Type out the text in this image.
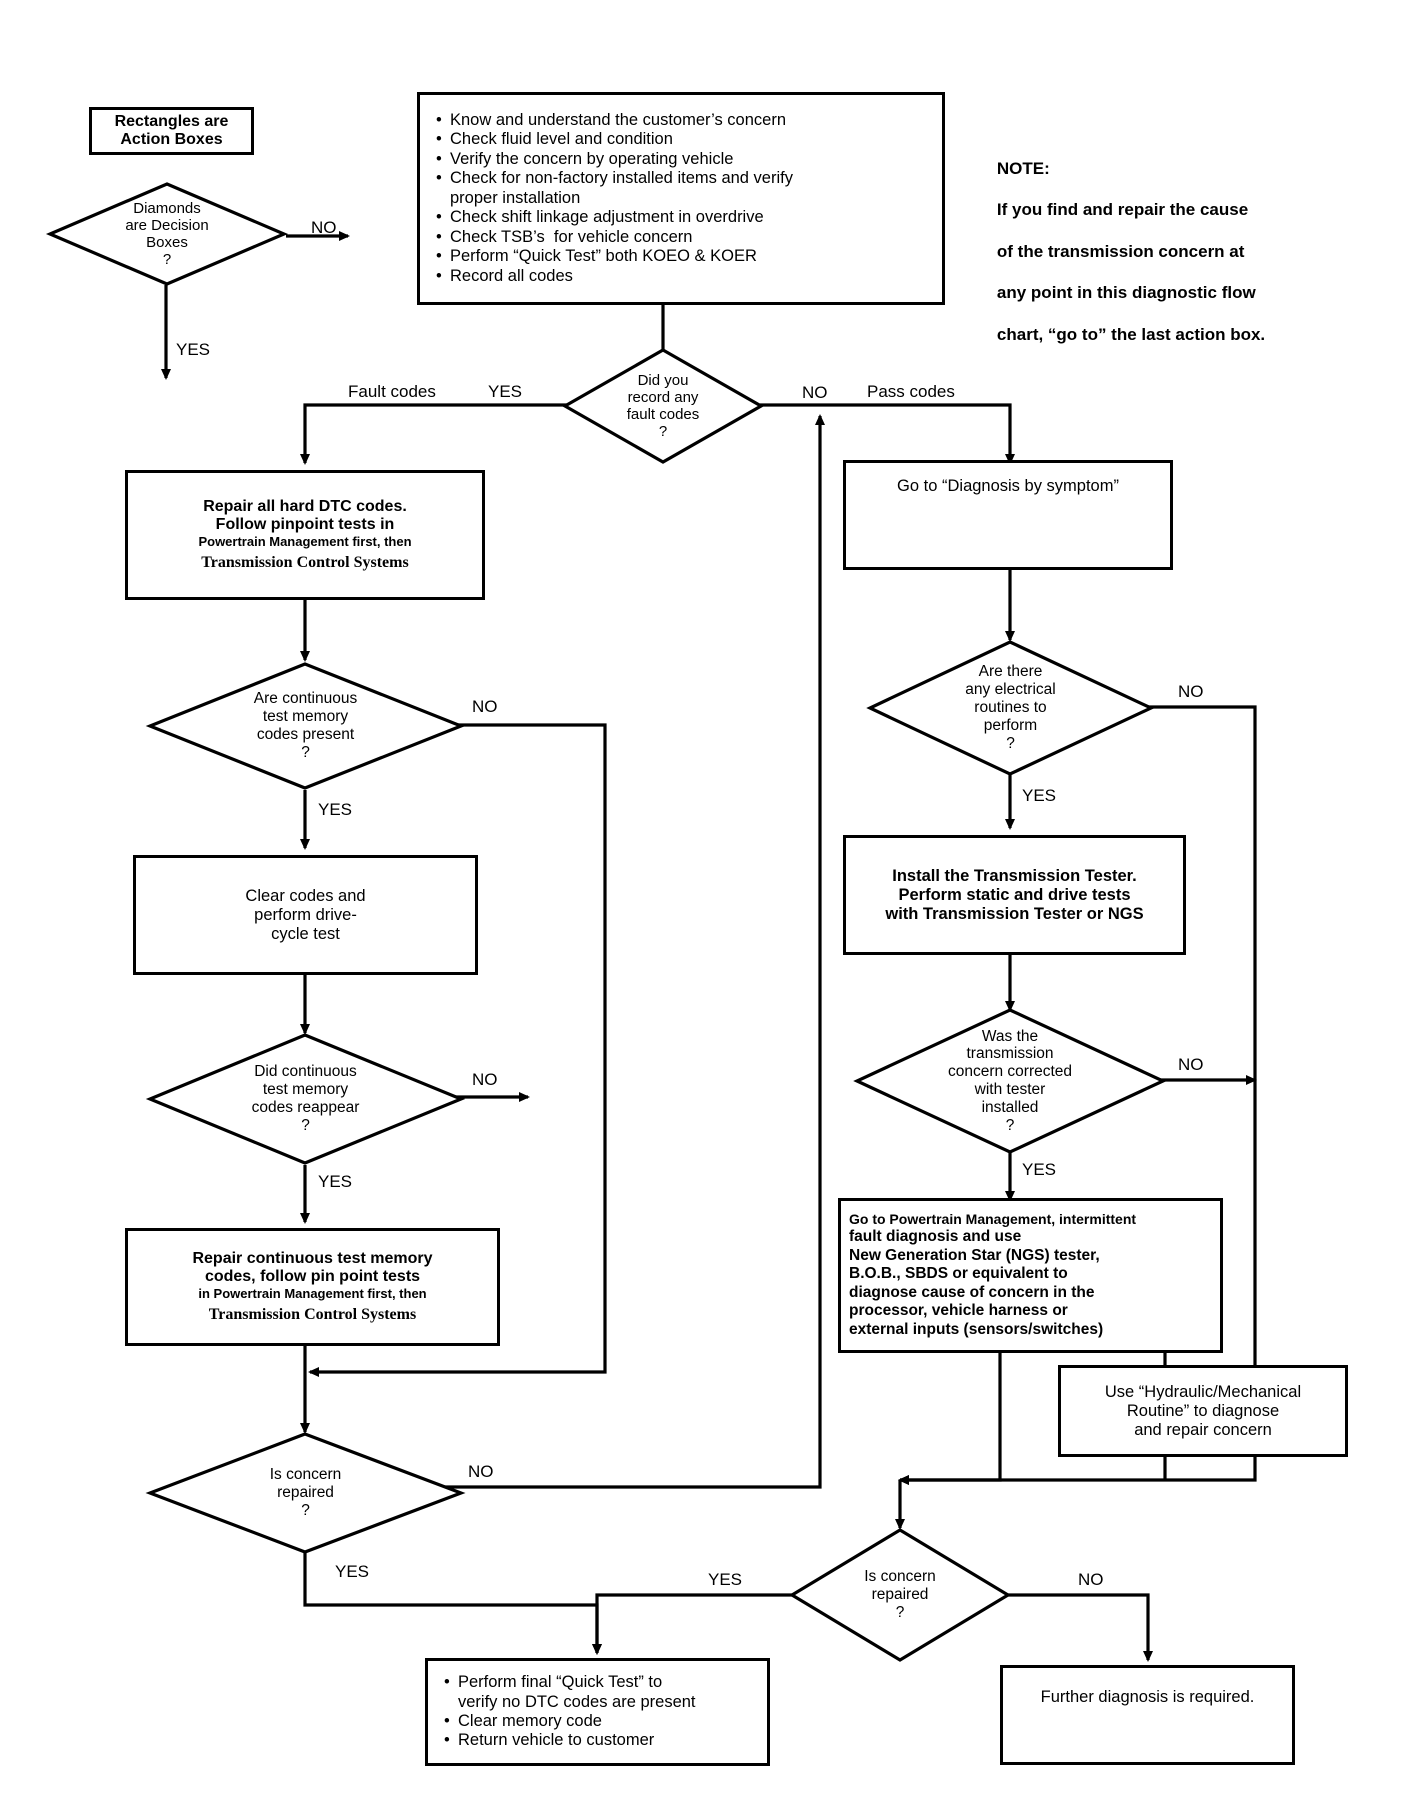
Rectangles are
Action Boxes
Diamonds
are Decision
Boxes
?
NO
YES

NOTE:

If you find and repair the cause

of the transmission concern at

any point in this diagnostic flow

chart, “go to” the last action box.

• Know and understand the customer’s concern
• Check fluid level and condition
• Verify the concern by operating vehicle
• Check for non-factory installed items and verify
proper installation
• Check shift linkage adjustment in overdrive
• Check TSB’s  for vehicle concern
• Perform “Quick Test” both KOEO & KOER
• Record all codes
Did you
record any
fault codes
?
Fault codes	YES	NO Pass codes
Repair all hard DTC codes.
Follow pinpoint tests in
Powertrain Management first, then
Transmission Control Systems
Are continuous
test memory
codes present
?
NO
YES
Clear codes and
perform drive-
cycle test
Did continuous
test memory
codes reappear
?
NO
YES
Repair continuous test memory
codes, follow pin point tests
in Powertrain Management first, then
Transmission Control Systems
Is concern
repaired
?
NO
YES
Go to “Diagnosis by symptom”
Are there
any electrical
routines to
perform
?
NO
YES
Install the Transmission Tester.
Perform static and drive tests
with Transmission Tester or NGS
Was the
transmission
concern corrected
with tester
installed
?
NO
YES
Go to Powertrain Management, intermittent
fault diagnosis and use
New Generation Star (NGS) tester,
B.O.B., SBDS or equivalent to
diagnose cause of concern in the
processor, vehicle harness or
external inputs (sensors/switches)
Use “Hydraulic/Mechanical
Routine” to diagnose
and repair concern
Is concern
repaired
?
YES	NO
• Perform final “Quick Test” to
verify no DTC codes are present
• Clear memory code
• Return vehicle to customer
Further diagnosis is required.
